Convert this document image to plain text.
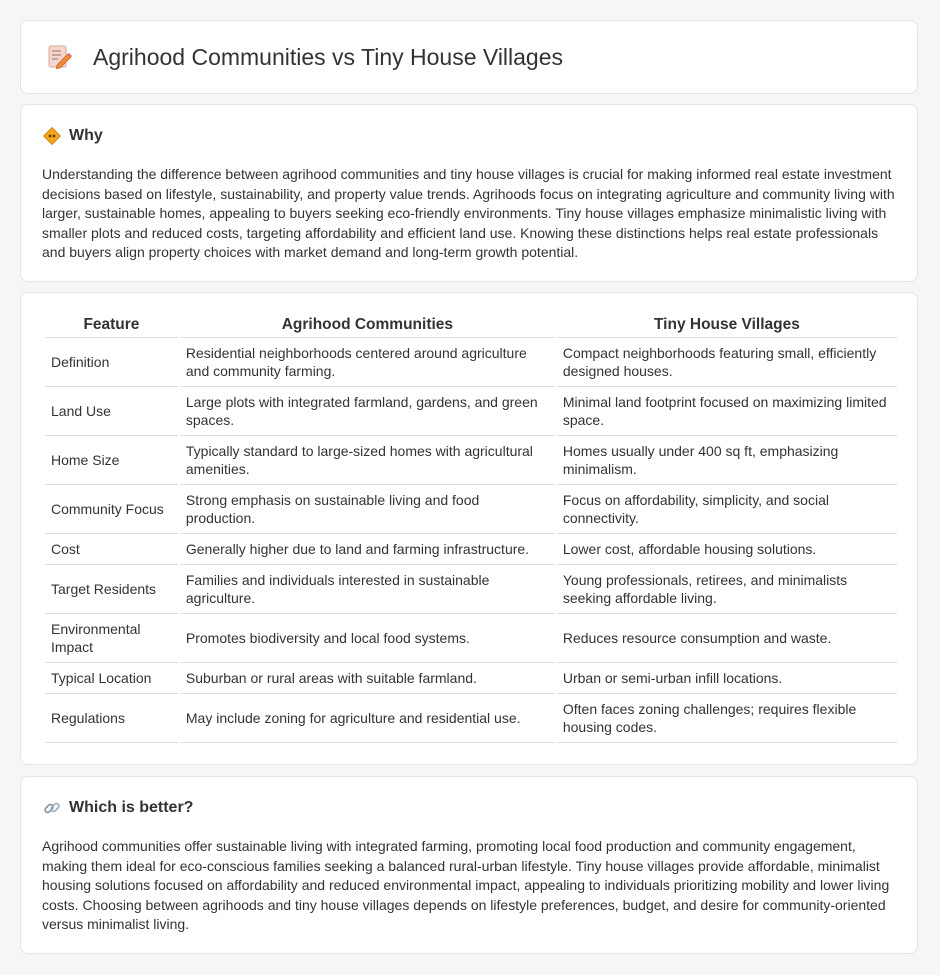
Agrihood Communities vs Tiny House Villages
Why

Understanding the difference between agrihood communities and tiny house villages is crucial for making informed real estate investment decisions based on lifestyle, sustainability, and property value trends. Agrihoods focus on integrating agriculture and community living with larger, sustainable homes, appealing to buyers seeking eco-friendly environments. Tiny house villages emphasize minimalistic living with smaller plots and reduced costs, targeting affordability and efficient land use. Knowing these distinctions helps real estate professionals and buyers align property choices with market demand and long-term growth potential.

Feature	Agrihood Communities	Tiny House Villages
Definition	Residential neighborhoods centered around agriculture and community farming.	Compact neighborhoods featuring small, efficiently designed houses.
Land Use	Large plots with integrated farmland, gardens, and green spaces.	Minimal land footprint focused on maximizing limited space.
Home Size	Typically standard to large-sized homes with agricultural amenities.	Homes usually under 400 sq ft, emphasizing minimalism.
Community Focus	Strong emphasis on sustainable living and food production.	Focus on affordability, simplicity, and social connectivity.
Cost	Generally higher due to land and farming infrastructure.	Lower cost, affordable housing solutions.
Target Residents	Families and individuals interested in sustainable agriculture.	Young professionals, retirees, and minimalists seeking affordable living.
Environmental Impact	Promotes biodiversity and local food systems.	Reduces resource consumption and waste.
Typical Location	Suburban or rural areas with suitable farmland.	Urban or semi-urban infill locations.
Regulations	May include zoning for agriculture and residential use.	Often faces zoning challenges; requires flexible housing codes.
Which is better?

Agrihood communities offer sustainable living with integrated farming, promoting local food production and community engagement, making them ideal for eco-conscious families seeking a balanced rural-urban lifestyle. Tiny house villages provide affordable, minimalist housing solutions focused on affordability and reduced environmental impact, appealing to individuals prioritizing mobility and lower living costs. Choosing between agrihoods and tiny house villages depends on lifestyle preferences, budget, and desire for community-oriented versus minimalist living.
